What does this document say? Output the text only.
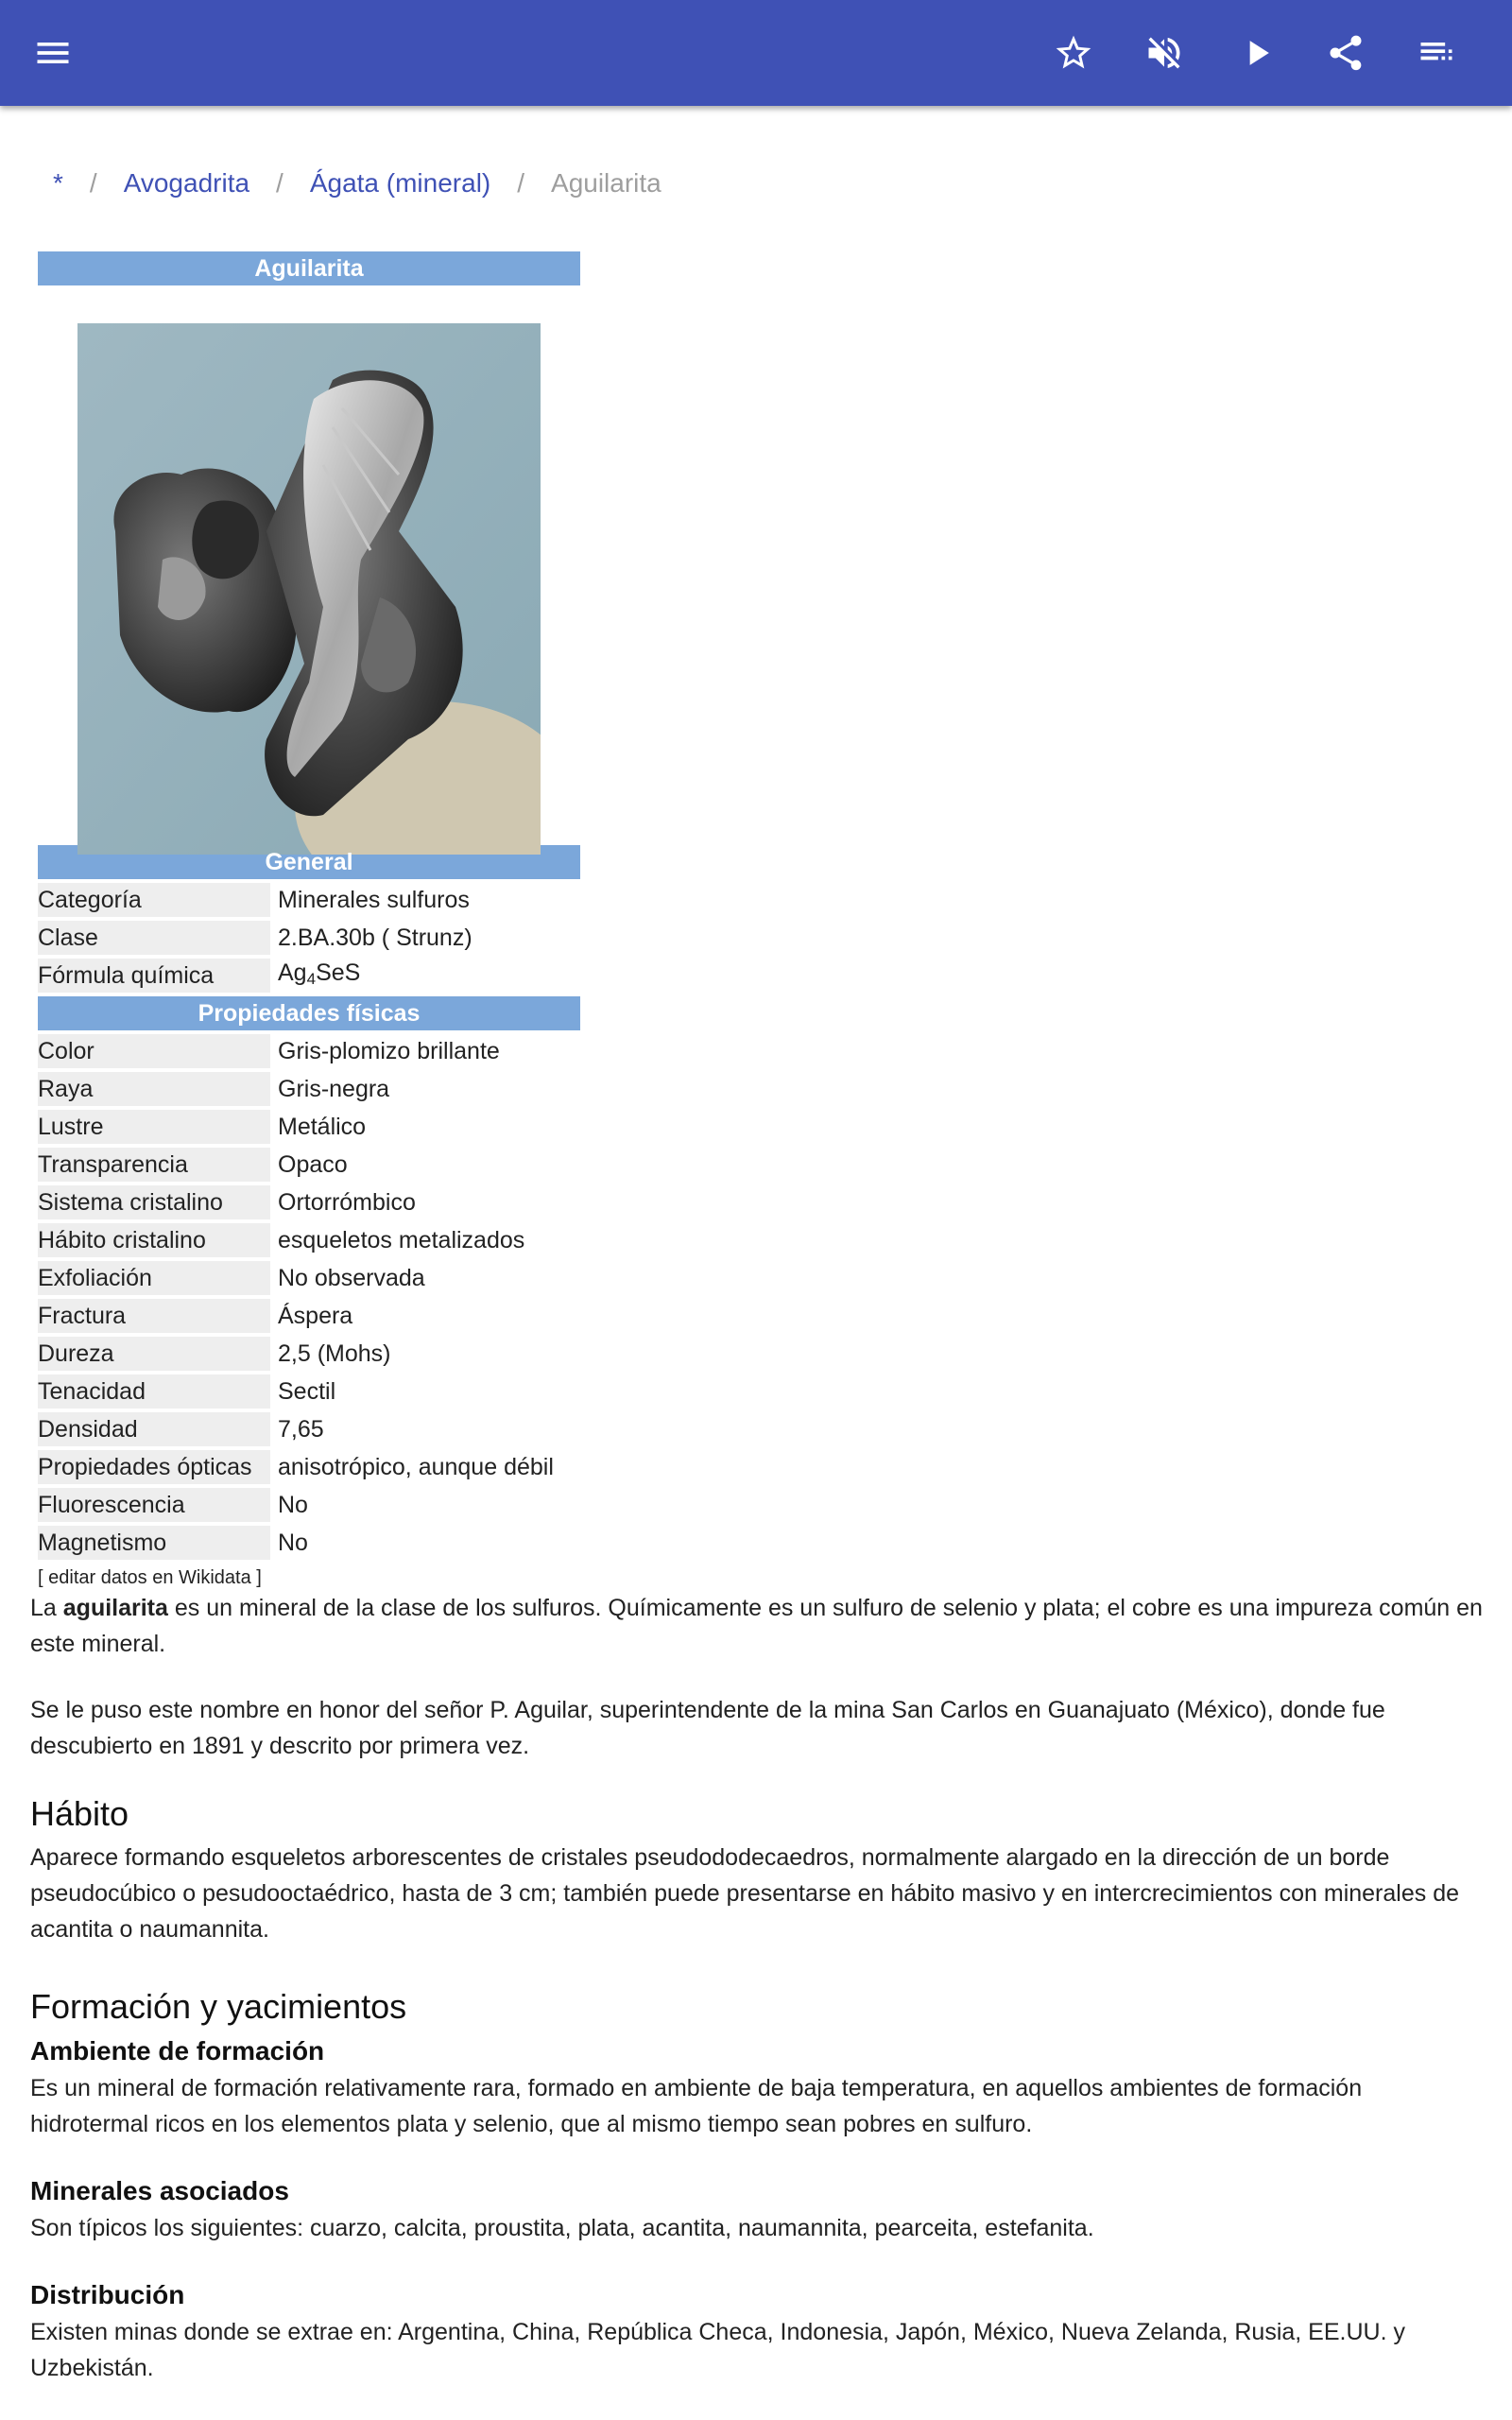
* / Avogadrita / Ágata (mineral) / Aguilarita
Aguilarita
General
Categoría	Minerales sulfuros
Clase	2.BA.30b ( Strunz)
Fórmula química	$Ag_4SeS$
Propiedades físicas
Color	Gris-plomizo brillante
Raya	Gris-negra
Lustre	Metálico
Transparencia	Opaco
Sistema cristalino	Ortorrómbico
Hábito cristalino	esqueletos metalizados
Exfoliación	No observada
Fractura	Áspera
Dureza	2,5 (Mohs)
Tenacidad	Sectil
Densidad	7,65
Propiedades ópticas	anisotrópico, aunque débil
Fluorescencia	No
Magnetismo	No
[ editar datos en Wikidata ]

La aguilarita es un mineral de la clase de los sulfuros. Químicamente es un sulfuro de selenio y plata; el cobre es una impureza común en este mineral.

Se le puso este nombre en honor del señor P. Aguilar, superintendente de la mina San Carlos en Guanajuato (México), donde fue descubierto en 1891 y descrito por primera vez.

Hábito

Aparece formando esqueletos arborescentes de cristales pseudododecaedros, normalmente alargado en la dirección de un borde pseudocúbico o pesudooctaédrico, hasta de 3 cm; también puede presentarse en hábito masivo y en intercrecimientos con minerales de acantita o naumannita.

Formación y yacimientos
Ambiente de formación

Es un mineral de formación relativamente rara, formado en ambiente de baja temperatura, en aquellos ambientes de formación hidrotermal ricos en los elementos plata y selenio, que al mismo tiempo sean pobres en sulfuro.

Minerales asociados

Son típicos los siguientes: cuarzo, calcita, proustita, plata, acantita, naumannita, pearceita, estefanita.

Distribución

Existen minas donde se extrae en: Argentina, China, República Checa, Indonesia, Japón, México, Nueva Zelanda, Rusia, EE.UU. y Uzbekistán.
